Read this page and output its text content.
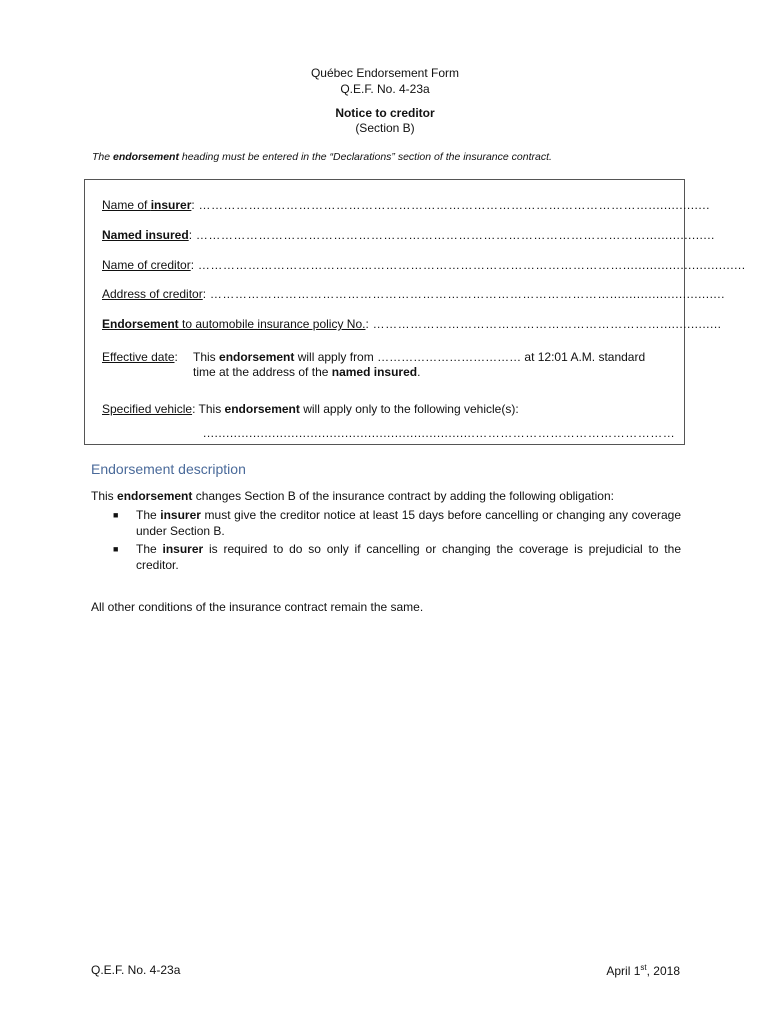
Québec Endorsement Form
Q.E.F. No. 4-23a
Notice to creditor
(Section B)
The endorsement heading must be entered in the “Declarations” section of the insurance contract.
Name of insurer: ………………………………………………………………………………………………................
Named insured: ………………………………………………………………………………………………..................
Name of creditor: …………………………………………………………………………………………................................
Address of creditor: ……………………………………………………………………………………..............................
Endorsement to automobile insurance policy No.: ……………………………………………………………................
Effective date: This endorsement will apply from ……………………………… at 12:01 A.M. standard time at the address of the named insured.
Specified vehicle: This endorsement will apply only to the following vehicle(s):
.......................................................................…………………………………………
Endorsement description
This endorsement changes Section B of the insurance contract by adding the following obligation:
■ The insurer must give the creditor notice at least 15 days before cancelling or changing any coverage under Section B.
■ The insurer is required to do so only if cancelling or changing the coverage is prejudicial to the creditor.
All other conditions of the insurance contract remain the same.
Q.E.F. No. 4-23a	April 1st, 2018
